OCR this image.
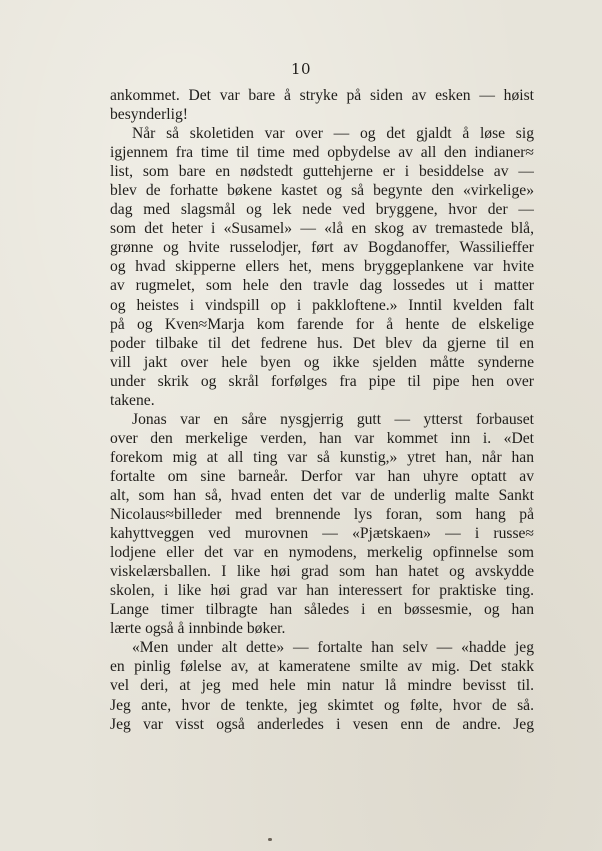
10
ankommet. Det var bare å stryke på siden av esken — høist
besynderlig!
Når så skoletiden var over — og det gjaldt å løse sig
igjennem fra time til time med opbydelse av all den indianer≈
list, som bare en nødstedt guttehjerne er i besiddelse av —
blev de forhatte bøkene kastet og så begynte den «virkelige»
dag med slagsmål og lek nede ved bryggene, hvor der —
som det heter i «Susamel» — «lå en skog av tremastede blå,
grønne og hvite russelodjer, ført av Bogdanoffer, Wassilieffer
og hvad skipperne ellers het, mens bryggeplankene var hvite
av rugmelet, som hele den travle dag lossedes ut i matter
og heistes i vindspill op i pakkloftene.» Inntil kvelden falt
på og Kven≈Marja kom farende for å hente de elskelige
poder tilbake til det fedrene hus. Det blev da gjerne til en
vill jakt over hele byen og ikke sjelden måtte synderne
under skrik og skrål forfølges fra pipe til pipe hen over
takene.
Jonas var en såre nysgjerrig gutt — ytterst forbauset
over den merkelige verden, han var kommet inn i. «Det
forekom mig at all ting var så kunstig,» ytret han, når han
fortalte om sine barneår. Derfor var han uhyre optatt av
alt, som han så, hvad enten det var de underlig malte Sankt
Nicolaus≈billeder med brennende lys foran, som hang på
kahyttveggen ved murovnen — «Pjætskaen» — i russe≈
lodjene eller det var en nymodens, merkelig opfinnelse som
viskelærsballen. I like høi grad som han hatet og avskydde
skolen, i like høi grad var han interessert for praktiske ting.
Lange timer tilbragte han således i en bøssesmie, og han
lærte også å innbinde bøker.
«Men under alt dette» — fortalte han selv — «hadde jeg
en pinlig følelse av, at kameratene smilte av mig. Det stakk
vel deri, at jeg med hele min natur lå mindre bevisst til.
Jeg ante, hvor de tenkte, jeg skimtet og følte, hvor de så.
Jeg var visst også anderledes i vesen enn de andre. Jeg
